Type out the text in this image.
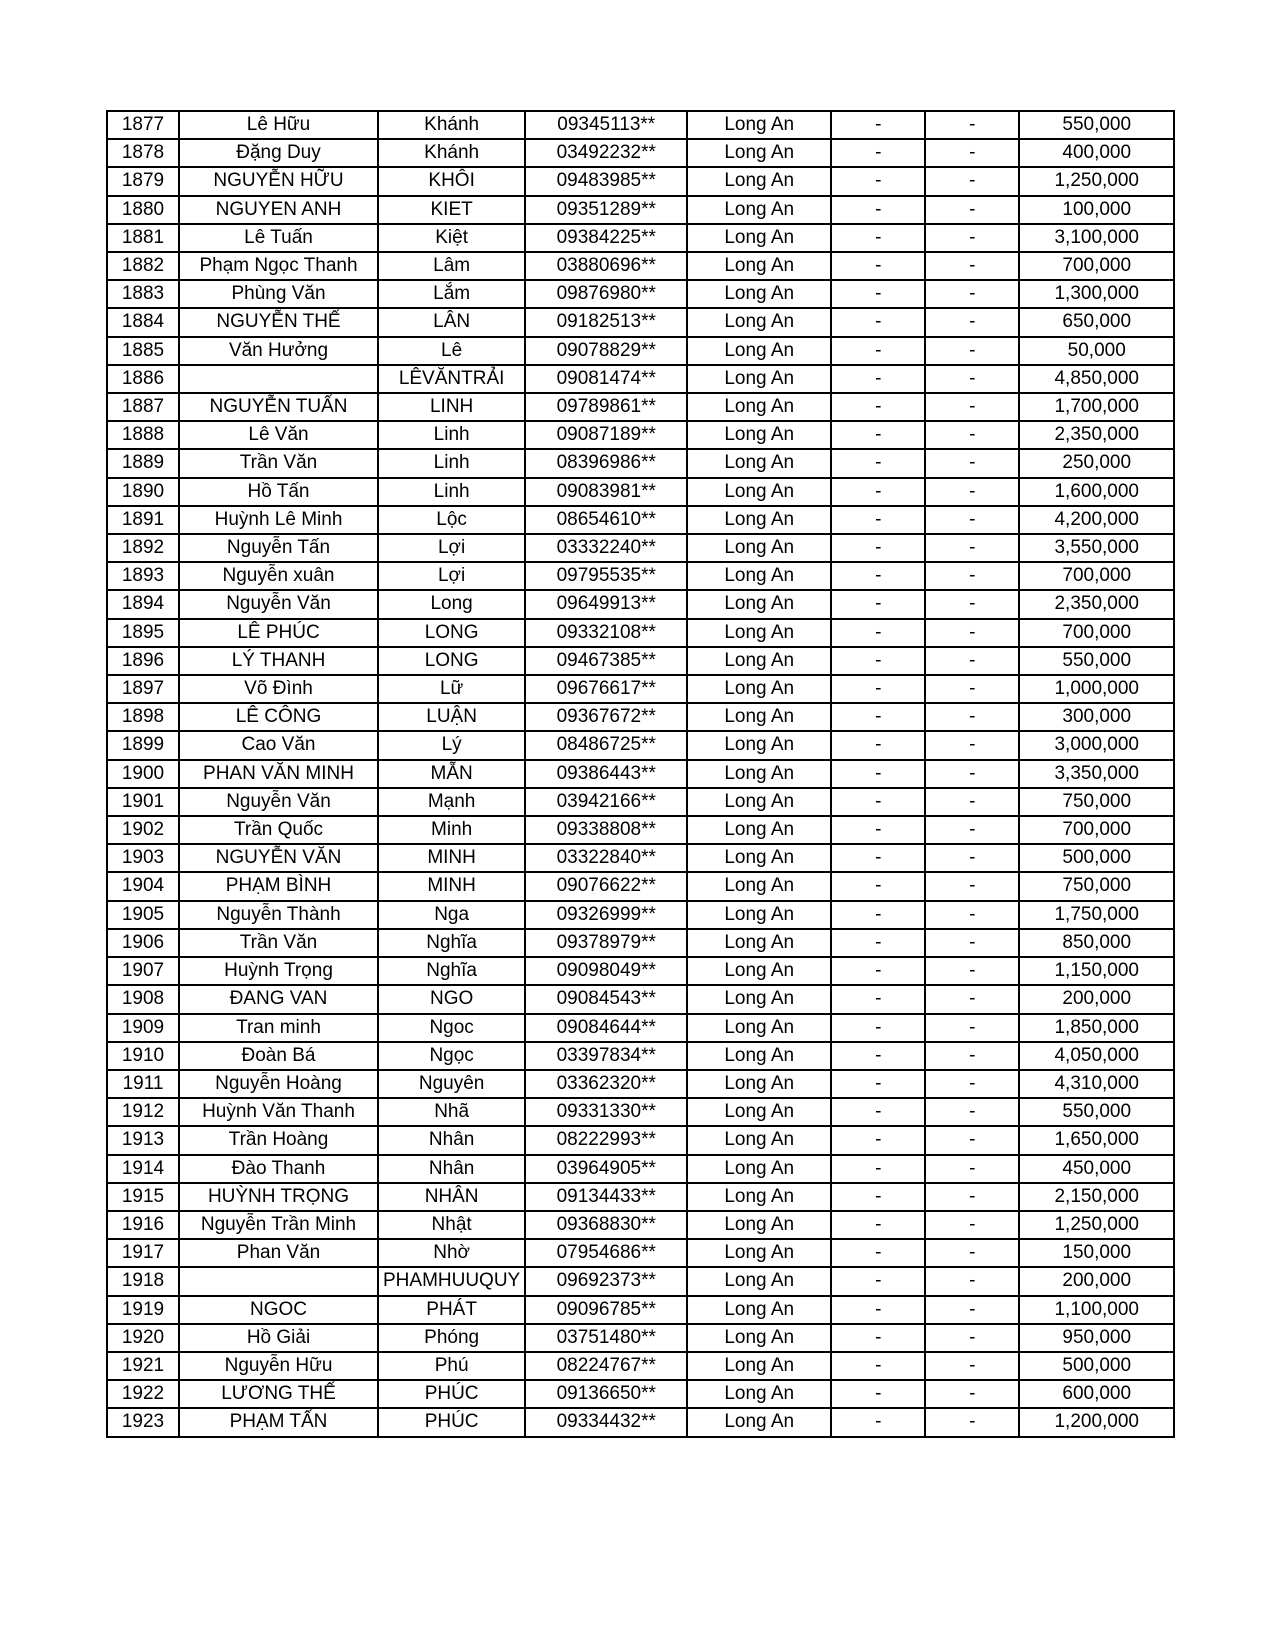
1877	Lê Hữu	Khánh	09345113**	Long An	-	-	550,000
1878	Đặng Duy	Khánh	03492232**	Long An	-	-	400,000
1879	NGUYỄN HỮU	KHÔI	09483985**	Long An	-	-	1,250,000
1880	NGUYEN ANH	KIET	09351289**	Long An	-	-	100,000
1881	Lê Tuấn	Kiệt	09384225**	Long An	-	-	3,100,000
1882	Phạm Ngọc Thanh	Lâm	03880696**	Long An	-	-	700,000
1883	Phùng Văn	Lắm	09876980**	Long An	-	-	1,300,000
1884	NGUYỄN THẾ	LÂN	09182513**	Long An	-	-	650,000
1885	Văn Hưởng	Lê	09078829**	Long An	-	-	50,000
1886		LÊVĂNTRẢI	09081474**	Long An	-	-	4,850,000
1887	NGUYỄN TUẤN	LINH	09789861**	Long An	-	-	1,700,000
1888	Lê Văn	Linh	09087189**	Long An	-	-	2,350,000
1889	Trần Văn	Linh	08396986**	Long An	-	-	250,000
1890	Hồ Tấn	Linh	09083981**	Long An	-	-	1,600,000
1891	Huỳnh Lê Minh	Lộc	08654610**	Long An	-	-	4,200,000
1892	Nguyễn Tấn	Lợi	03332240**	Long An	-	-	3,550,000
1893	Nguyễn xuân	Lợi	09795535**	Long An	-	-	700,000
1894	Nguyễn Văn	Long	09649913**	Long An	-	-	2,350,000
1895	LÊ PHÚC	LONG	09332108**	Long An	-	-	700,000
1896	LÝ THANH	LONG	09467385**	Long An	-	-	550,000
1897	Võ Đình	Lữ	09676617**	Long An	-	-	1,000,000
1898	LÊ CÔNG	LUẬN	09367672**	Long An	-	-	300,000
1899	Cao Văn	Lý	08486725**	Long An	-	-	3,000,000
1900	PHAN VĂN MINH	MẪN	09386443**	Long An	-	-	3,350,000
1901	Nguyễn Văn	Mạnh	03942166**	Long An	-	-	750,000
1902	Trần Quốc	Minh	09338808**	Long An	-	-	700,000
1903	NGUYỄN VĂN	MINH	03322840**	Long An	-	-	500,000
1904	PHẠM BÌNH	MINH	09076622**	Long An	-	-	750,000
1905	Nguyễn Thành	Nga	09326999**	Long An	-	-	1,750,000
1906	Trần Văn	Nghĩa	09378979**	Long An	-	-	850,000
1907	Huỳnh Trọng	Nghĩa	09098049**	Long An	-	-	1,150,000
1908	ĐANG VAN	NGO	09084543**	Long An	-	-	200,000
1909	Tran minh	Ngoc	09084644**	Long An	-	-	1,850,000
1910	Đoàn Bá	Ngọc	03397834**	Long An	-	-	4,050,000
1911	Nguyễn Hoàng	Nguyên	03362320**	Long An	-	-	4,310,000
1912	Huỳnh Văn Thanh	Nhã	09331330**	Long An	-	-	550,000
1913	Trần Hoàng	Nhân	08222993**	Long An	-	-	1,650,000
1914	Đào Thanh	Nhân	03964905**	Long An	-	-	450,000
1915	HUỲNH TRỌNG	NHÂN	09134433**	Long An	-	-	2,150,000
1916	Nguyễn Trần Minh	Nhật	09368830**	Long An	-	-	1,250,000
1917	Phan Văn	Nhờ	07954686**	Long An	-	-	150,000
1918		PHAMHUUQUY	09692373**	Long An	-	-	200,000
1919	NGOC	PHÁT	09096785**	Long An	-	-	1,100,000
1920	Hồ Giải	Phóng	03751480**	Long An	-	-	950,000
1921	Nguyễn Hữu	Phú	08224767**	Long An	-	-	500,000
1922	LƯƠNG THẾ	PHÚC	09136650**	Long An	-	-	600,000
1923	PHẠM TẤN	PHÚC	09334432**	Long An	-	-	1,200,000
